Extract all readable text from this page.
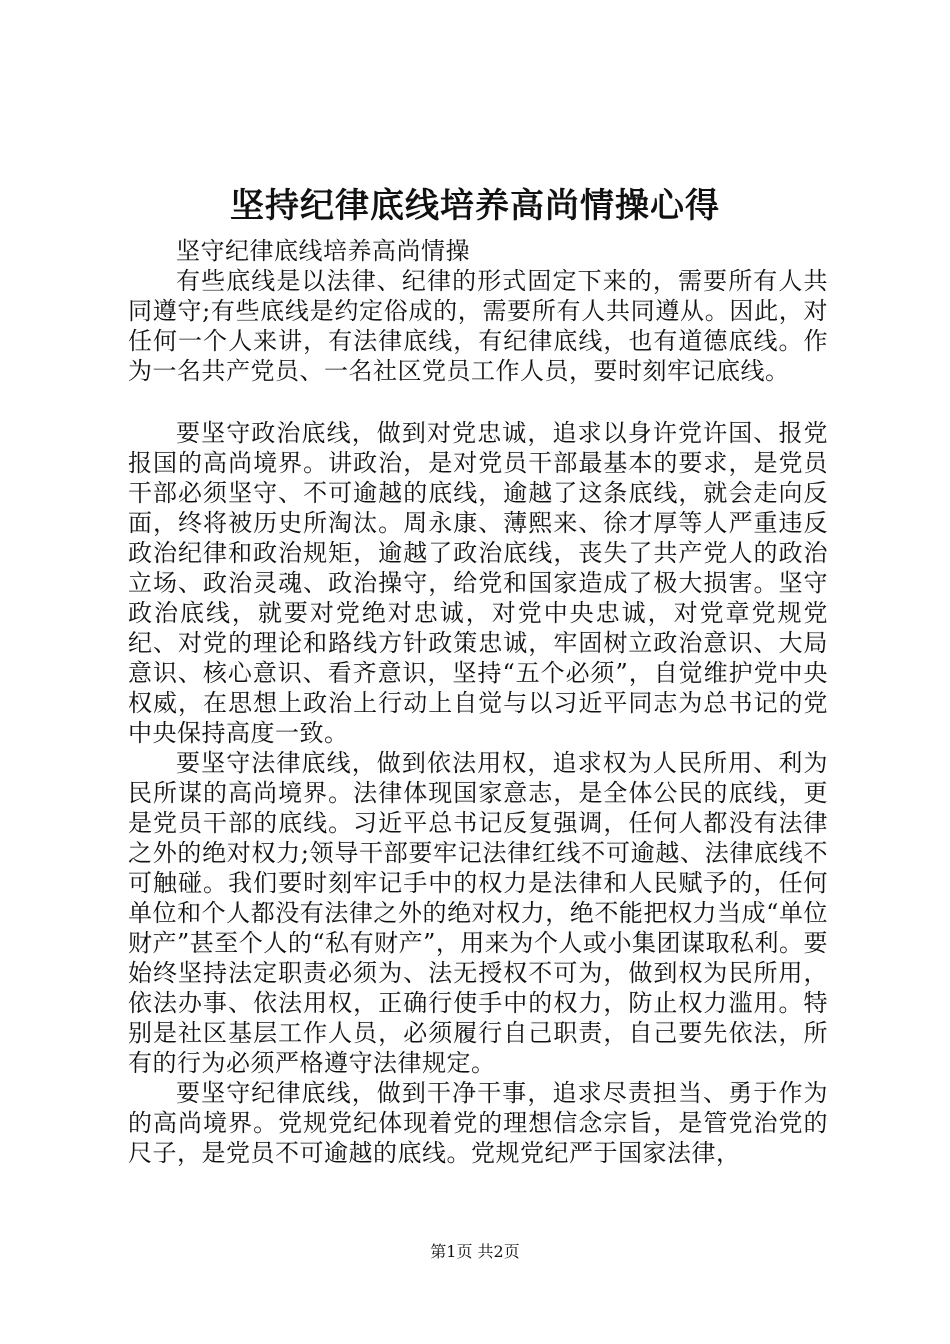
坚持纪律底线培养高尚情操心得

坚守纪律底线培养高尚情操

有些底线是以法律、纪律的形式固定下来的，需要所有人共同遵守;有些底线是约定俗成的，需要所有人共同遵从。因此，对任何一个人来讲，有法律底线，有纪律底线，也有道德底线。作为一名共产党员、一名社区党员工作人员，要时刻牢记底线。

要坚守政治底线，做到对党忠诚，追求以身许党许国、报党报国的高尚境界。讲政治，是对党员干部最基本的要求，是党员干部必须坚守、不可逾越的底线，逾越了这条底线，就会走向反面，终将被历史所淘汰。周永康、薄熙来、徐才厚等人严重违反政治纪律和政治规矩，逾越了政治底线，丧失了共产党人的政治立场、政治灵魂、政治操守，给党和国家造成了极大损害。坚守政治底线，就要对党绝对忠诚，对党中央忠诚，对党章党规党纪、对党的理论和路线方针政策忠诚，牢固树立政治意识、大局意识、核心意识、看齐意识，坚持“五个必须”，自觉维护党中央权威，在思想上政治上行动上自觉与以习近平同志为总书记的党中央保持高度一致。

要坚守法律底线，做到依法用权，追求权为人民所用、利为民所谋的高尚境界。法律体现国家意志，是全体公民的底线，更是党员干部的底线。习近平总书记反复强调，任何人都没有法律之外的绝对权力;领导干部要牢记法律红线不可逾越、法律底线不可触碰。我们要时刻牢记手中的权力是法律和人民赋予的，任何单位和个人都没有法律之外的绝对权力，绝不能把权力当成“单位财产”甚至个人的“私有财产”，用来为个人或小集团谋取私利。要始终坚持法定职责必须为、法无授权不可为，做到权为民所用，依法办事、依法用权，正确行使手中的权力，防止权力滥用。特别是社区基层工作人员，必须履行自己职责，自己要先依法，所有的行为必须严格遵守法律规定。

要坚守纪律底线，做到干净干事，追求尽责担当、勇于作为的高尚境界。党规党纪体现着党的理想信念宗旨，是管党治党的尺子，是党员不可逾越的底线。党规党纪严于国家法律，

第1页 共2页
